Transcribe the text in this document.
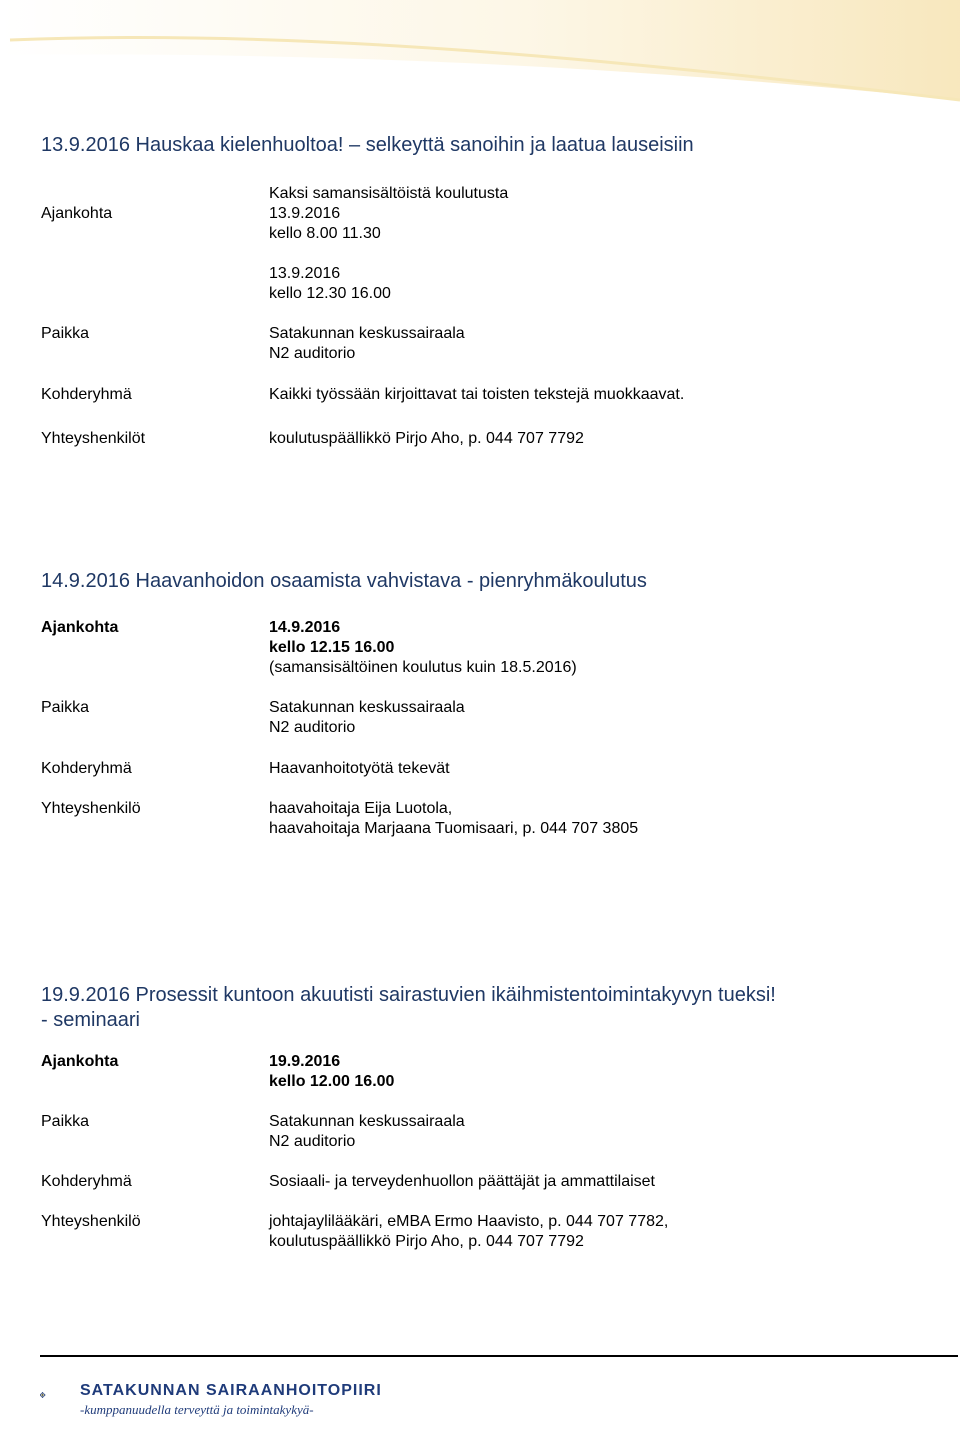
13.9.2016 Hauskaa kielenhuoltoa! – selkeyttä sanoihin ja laatua lauseisiin
Kaksi samansisältöistä koulutusta
Ajankohta	13.9.2016
kello 8.00 11.30
13.9.2016
kello 12.30 16.00
Paikka	Satakunnan keskussairaala
N2 auditorio
Kohderyhmä	Kaikki työssään kirjoittavat tai toisten tekstejä muokkaavat.
Yhteyshenkilöt	koulutuspäällikkö Pirjo Aho, p. 044 707 7792
14.9.2016 Haavanhoidon osaamista vahvistava - pienryhmäkoulutus
Ajankohta	14.9.2016
kello 12.15 16.00
(samansisältöinen koulutus kuin 18.5.2016)
Paikka	Satakunnan keskussairaala
N2 auditorio
Kohderyhmä	Haavanhoitotyötä tekevät
Yhteyshenkilö	haavahoitaja Eija Luotola,
haavahoitaja Marjaana Tuomisaari, p. 044 707 3805
19.9.2016 Prosessit kuntoon akuutisti sairastuvien ikäihmistentoimintakyvyn tueksi!
- seminaari
Ajankohta	19.9.2016
kello 12.00 16.00
Paikka	Satakunnan keskussairaala
N2 auditorio
Kohderyhmä	Sosiaali- ja terveydenhuollon päättäjät ja ammattilaiset
Yhteyshenkilö	johtajaylilääkäri, eMBA Ermo Haavisto, p. 044 707 7782,
koulutuspäällikkö Pirjo Aho, p. 044 707 7792
SATAKUNNAN SAIRAANHOITOPIIRI
-kumppanuudella terveyttä ja toimintakykyä-
